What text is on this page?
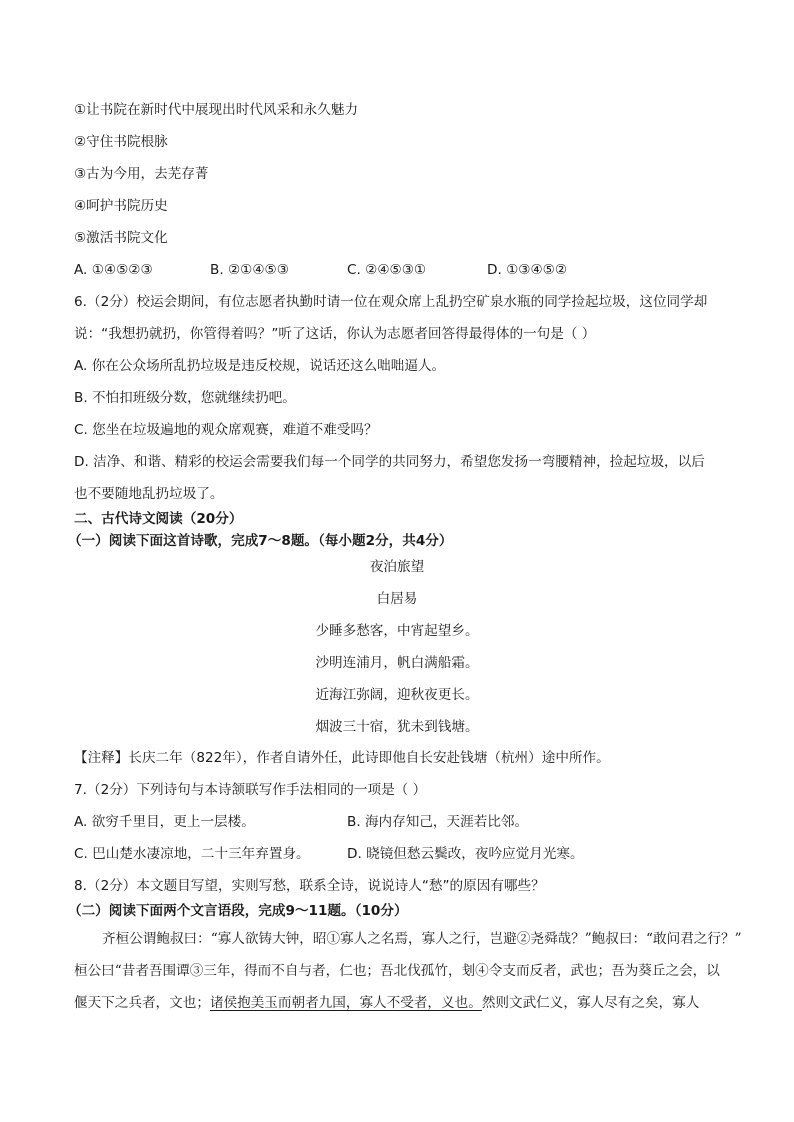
①让书院在新时代中展现出时代风采和永久魅力
②守住书院根脉
③古为今用，去芜存菁
④呵护书院历史
⑤激活书院文化
A. ①④⑤②③	B. ②①④⑤③	C. ②④⑤③①	D. ①③④⑤②
6.（2分）校运会期间，有位志愿者执勤时请一位在观众席上乱扔空矿泉水瓶的同学捡起垃圾，这位同学却
说：“我想扔就扔，你管得着吗？”听了这话，你认为志愿者回答得最得体的一句是（ ）
A. 你在公众场所乱扔垃圾是违反校规，说话还这么咄咄逼人。
B. 不怕扣班级分数，您就继续扔吧。
C. 您坐在垃圾遍地的观众席观赛，难道不难受吗？
D. 洁净、和谐、精彩的校运会需要我们每一个同学的共同努力，希望您发扬一弯腰精神，捡起垃圾，以后
也不要随地乱扔垃圾了。
二、古代诗文阅读（20分）
（一）阅读下面这首诗歌，完成7～8题。（每小题2分，共4分）
夜泊旅望
白居易
少睡多愁客，中宵起望乡。
沙明连浦月，帆白满船霜。
近海江弥阔，迎秋夜更长。
烟波三十宿，犹未到钱塘。
【注释】长庆二年（822年），作者自请外任，此诗即他自长安赴钱塘（杭州）途中所作。
7.（2分）下列诗句与本诗颔联写作手法相同的一项是（ ）
A. 欲穷千里目，更上一层楼。	B. 海内存知己，天涯若比邻。
C. 巴山楚水凄凉地，二十三年弃置身。	D. 晓镜但愁云鬓改，夜吟应觉月光寒。
8.（2分）本文题目写望，实则写愁，联系全诗，说说诗人“愁”的原因有哪些？
（二）阅读下面两个文言语段，完成9～11题。（10分）
齐桓公谓鲍叔曰：“寡人欲铸大钟，昭①寡人之名焉，寡人之行，岂避②尧舜哉？”鲍叔曰：“敢问君之行？”
桓公曰“昔者吾围谭③三年，得而不自与者，仁也；吾北伐孤竹，刬④令支而反者，武也；吾为葵丘之会，以
偃天下之兵者，文也；诸侯抱美玉而朝者九国，寡人不受者，义也。然则文武仁义，寡人尽有之矣，寡人
